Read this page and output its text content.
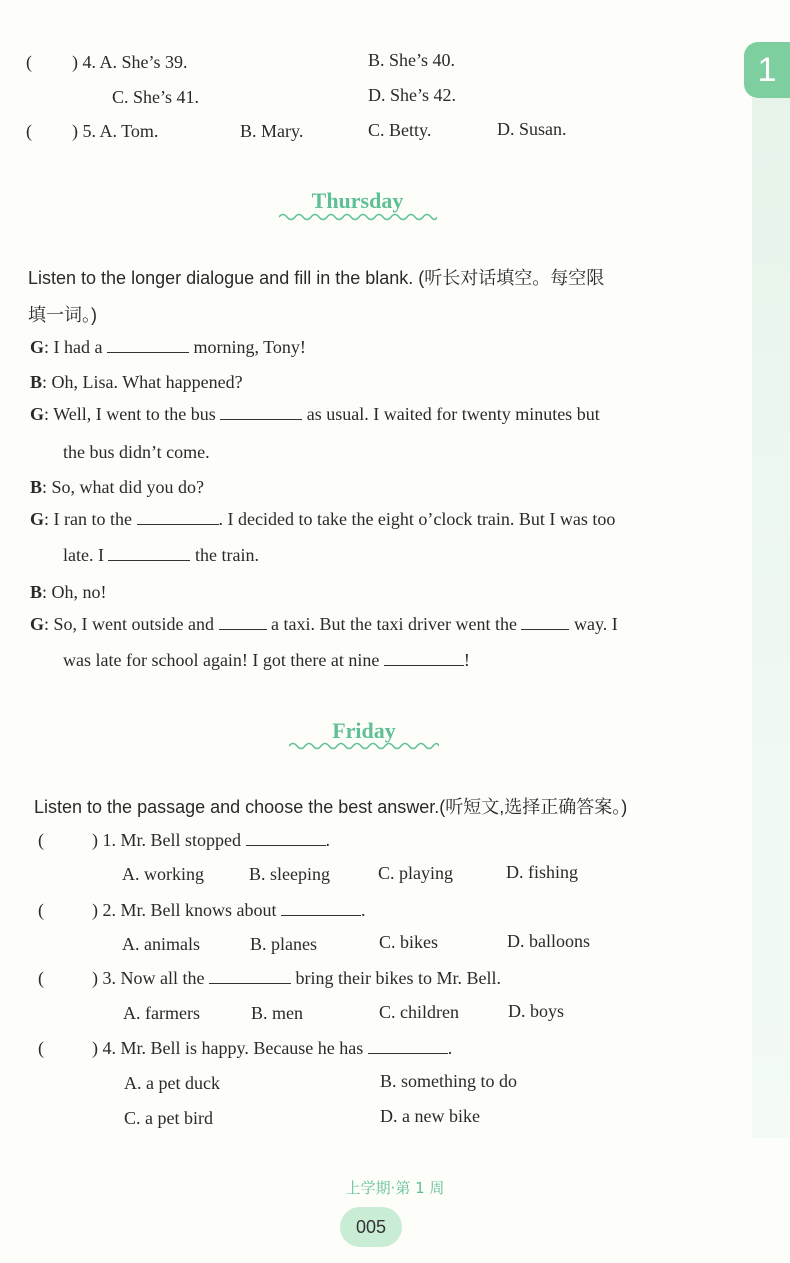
1
( ) 4. A. She’s 39.	B. She’s 40.
C. She’s 41.	D. She’s 42.
( ) 5. A. Tom.	B. Mary.	C. Betty.	D. Susan.
Thursday
Listen to the longer dialogue and fill in the blank. (听长对话填空。每空限
填一词。)
G: I had a	morning, Tony!
B: Oh, Lisa. What happened?
G: Well, I went to the bus	as usual. I waited for twenty minutes but
the bus didn’t come.
B: So, what did you do?
G: I ran to the	. I decided to take the eight o’clock train. But I was too
late. I	the train.
B: Oh, no!
G: So, I went outside and	a taxi. But the taxi driver went the	way. I
was late for school again! I got there at nine	!
Friday
Listen to the passage and choose the best answer.(听短文,选择正确答案。)
(	) 1. Mr. Bell stopped	.
A. working	B. sleeping	C. playing	D. fishing
(	) 2. Mr. Bell knows about	.
A. animals	B. planes	C. bikes	D. balloons
(	) 3. Now all the	bring their bikes to Mr. Bell.
A. farmers	B. men	C. children	D. boys
(	) 4. Mr. Bell is happy. Because he has	.
A. a pet duck	B. something to do
C. a pet bird	D. a new bike
上学期·第 1 周
005
